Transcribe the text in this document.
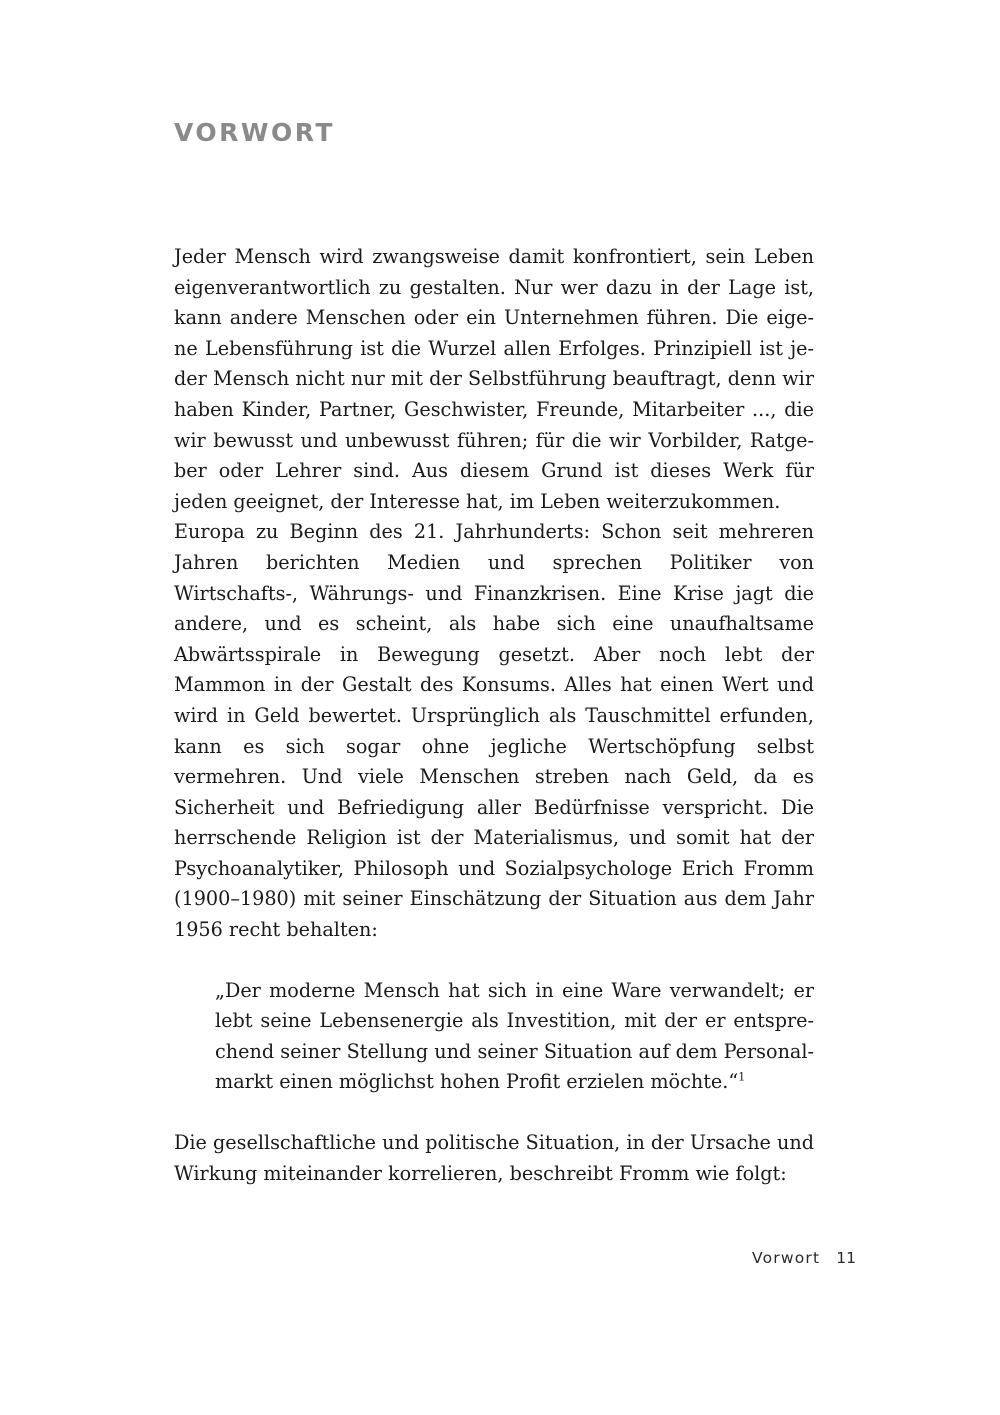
VORWORT

Jeder Mensch wird zwangsweise damit konfrontiert, sein Leben eigenverantwortlich zu gestalten. Nur wer dazu in der Lage ist, kann andere Menschen oder ein Unternehmen führen. Die eigene Lebensführung ist die Wurzel allen Erfolges. Prinzipiell ist jeder Mensch nicht nur mit der Selbstführung beauftragt, denn wir haben Kinder, Partner, Geschwister, Freunde, Mitarbeiter ..., die wir bewusst und unbewusst führen; für die wir Vorbilder, Ratgeber oder Lehrer sind. Aus diesem Grund ist dieses Werk für jeden geeignet, der Interesse hat, im Leben weiterzukommen.

Europa zu Beginn des 21. Jahrhunderts: Schon seit mehreren Jahren berichten Medien und sprechen Politiker von Wirtschafts-, Währungs- und Finanzkrisen. Eine Krise jagt die andere, und es scheint, als habe sich eine unaufhaltsame Abwärtsspirale in Bewegung gesetzt. Aber noch lebt der Mammon in der Gestalt des Konsums. Alles hat einen Wert und wird in Geld bewertet. Ursprünglich als Tauschmittel erfunden, kann es sich sogar ohne jegliche Wertschöpfung selbst vermehren. Und viele Menschen streben nach Geld, da es Sicherheit und Befriedigung aller Bedürfnisse verspricht. Die herrschende Religion ist der Materialismus, und somit hat der Psychoanalytiker, Philosoph und Sozialpsychologe Erich Fromm (1900–1980) mit seiner Einschätzung der Situation aus dem Jahr 1956 recht behalten:

„Der moderne Mensch hat sich in eine Ware verwandelt; er lebt seine Lebensenergie als Investition, mit der er entsprechend seiner Stellung und seiner Situation auf dem Personalmarkt einen möglichst hohen Profit erzielen möchte.“$^1$

Die gesellschaftliche und politische Situation, in der Ursache und Wirkung miteinander korrelieren, beschreibt Fromm wie folgt:

Vorwort 11
